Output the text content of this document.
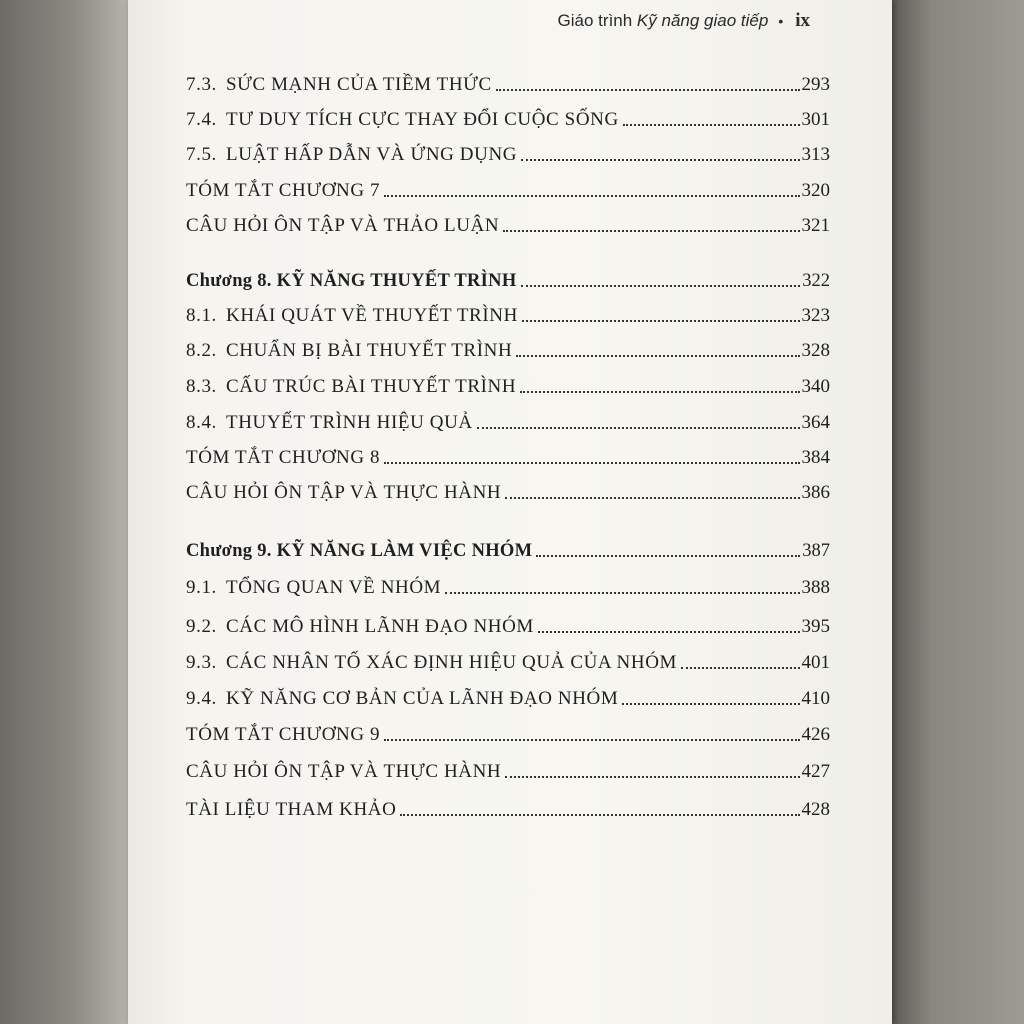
Giáo trình Kỹ năng giao tiếp • ix
7.3. SỨC MẠNH CỦA TIỀM THỨC	293
7.4. TƯ DUY TÍCH CỰC THAY ĐỔI CUỘC SỐNG	301
7.5. LUẬT HẤP DẪN VÀ ỨNG DỤNG	313
TÓM TẮT CHƯƠNG 7	320
CÂU HỎI ÔN TẬP VÀ THẢO LUẬN	321
Chương 8. KỸ NĂNG THUYẾT TRÌNH	322
8.1. KHÁI QUÁT VỀ THUYẾT TRÌNH	323
8.2. CHUẨN BỊ BÀI THUYẾT TRÌNH	328
8.3. CẤU TRÚC BÀI THUYẾT TRÌNH	340
8.4. THUYẾT TRÌNH HIỆU QUẢ	364
TÓM TẮT CHƯƠNG 8	384
CÂU HỎI ÔN TẬP VÀ THỰC HÀNH	386
Chương 9. KỸ NĂNG LÀM VIỆC NHÓM	387
9.1. TỔNG QUAN VỀ NHÓM	388
9.2. CÁC MÔ HÌNH LÃNH ĐẠO NHÓM	395
9.3. CÁC NHÂN TỐ XÁC ĐỊNH HIỆU QUẢ CỦA NHÓM	401
9.4. KỸ NĂNG CƠ BẢN CỦA LÃNH ĐẠO NHÓM	410
TÓM TẮT CHƯƠNG 9	426
CÂU HỎI ÔN TẬP VÀ THỰC HÀNH	427
TÀI LIỆU THAM KHẢO	428
